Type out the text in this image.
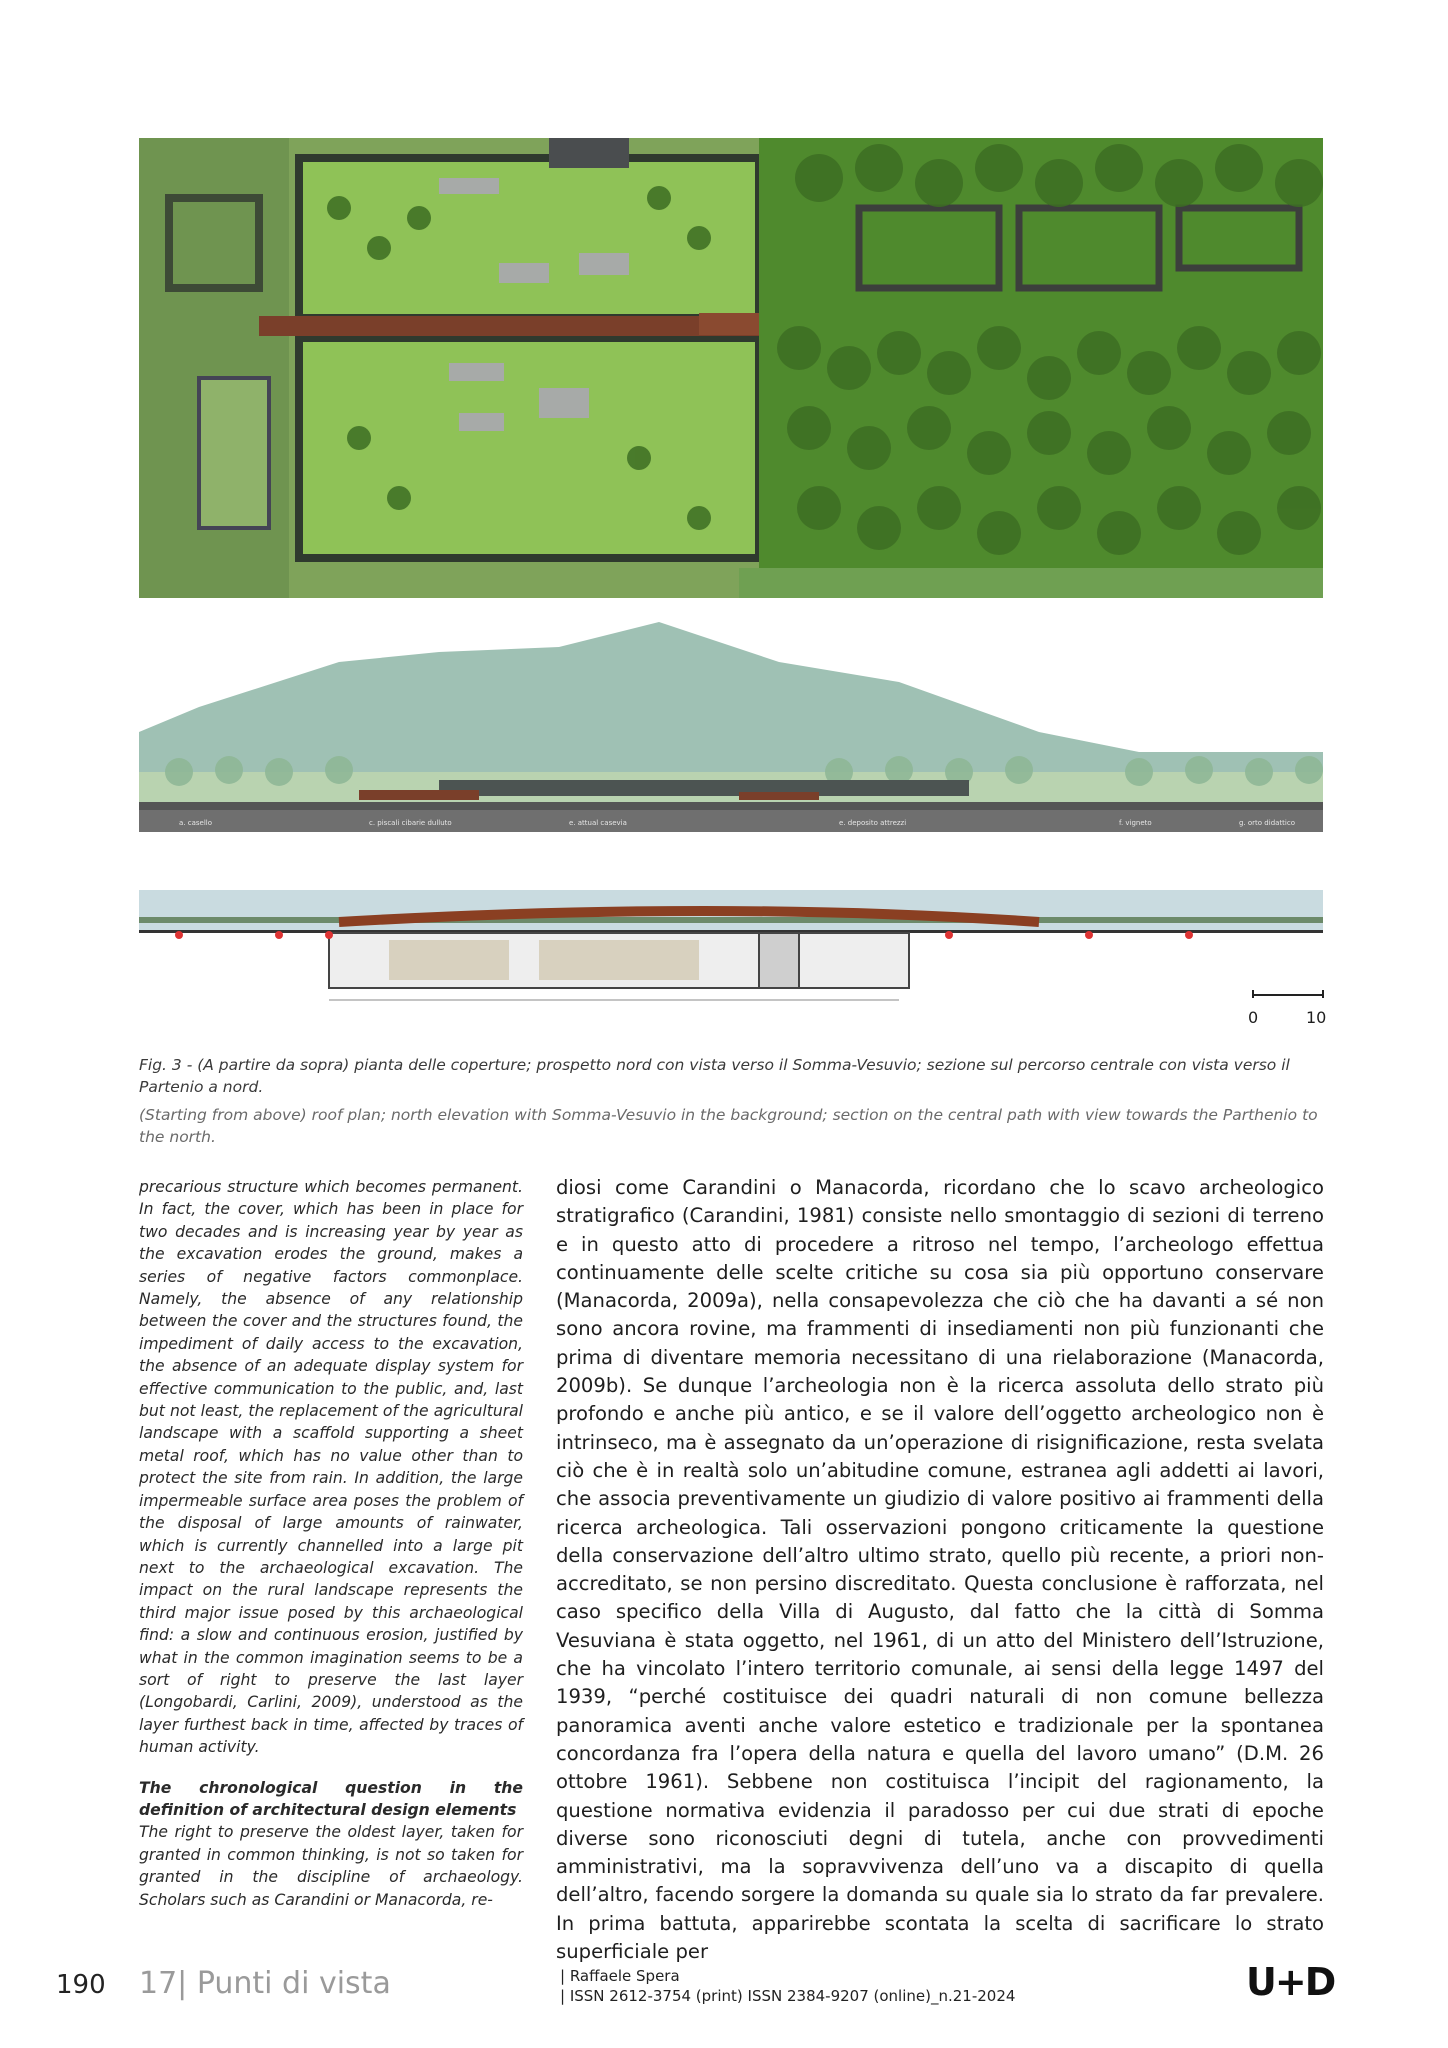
a. casello	c. piscali cibarie dulluto	e. attual casevia	e. deposito attrezzi	f. vigneto	g. orto didattico
0	10
Fig. 3 - (A partire da sopra) pianta delle coperture; prospetto nord con vista verso il Somma-Vesuvio; sezione sul percorso centrale con vista verso il Partenio a nord.
(Starting from above) roof plan; north elevation with Somma-Vesuvio in the background; section on the central path with view towards the Parthenio to the north.

precarious structure which becomes permanent. In fact, the cover, which has been in place for two decades and is increasing year by year as the excavation erodes the ground, makes a series of negative factors commonplace. Namely, the absence of any relationship between the cover and the structures found, the impediment of daily access to the excavation, the absence of an adequate display system for effective communication to the public, and, last but not least, the replacement of the agricultural landscape with a scaffold supporting a sheet metal roof, which has no value other than to protect the site from rain. In addition, the large impermeable surface area poses the problem of the disposal of large amounts of rainwater, which is currently channelled into a large pit next to the archaeological excavation. The impact on the rural landscape represents the third major issue posed by this archaeological find: a slow and continuous erosion, justified by what in the common imagination seems to be a sort of right to preserve the last layer (Longobardi, Carlini, 2009), understood as the layer furthest back in time, affected by traces of human activity.

The chronological question in the definition of architectural design elements

The right to preserve the oldest layer, taken for granted in common thinking, is not so taken for granted in the discipline of archaeology. Scholars such as Carandini or Manacorda, re-

diosi come Carandini o Manacorda, ricordano che lo scavo archeologico stratigrafico (Carandini, 1981) consiste nello smontaggio di sezioni di terreno e in questo atto di procedere a ritroso nel tempo, l’archeologo effettua continuamente delle scelte critiche su cosa sia più opportuno conservare (Manacorda, 2009a), nella consapevolezza che ciò che ha davanti a sé non sono ancora rovine, ma frammenti di insediamenti non più funzionanti che prima di diventare memoria necessitano di una rielaborazione (Manacorda, 2009b). Se dunque l’archeologia non è la ricerca assoluta dello strato più profondo e anche più antico, e se il valore dell’oggetto archeologico non è intrinseco, ma è assegnato da un’operazione di risignificazione, resta svelata ciò che è in realtà solo un’abitudine comune, estranea agli addetti ai lavori, che associa preventivamente un giudizio di valore positivo ai frammenti della ricerca archeologica. Tali osservazioni pongono criticamente la questione della conservazione dell’altro ultimo strato, quello più recente, a priori non-accreditato, se non persino discreditato. Questa conclusione è rafforzata, nel caso specifico della Villa di Augusto, dal fatto che la città di Somma Vesuviana è stata oggetto, nel 1961, di un atto del Ministero dell’Istruzione, che ha vincolato l’intero territorio comunale, ai sensi della legge 1497 del 1939, “perché costituisce dei quadri naturali di non comune bellezza panoramica aventi anche valore estetico e tradizionale per la spontanea concordanza fra l’opera della natura e quella del lavoro umano” (D.M. 26 ottobre 1961). Sebbene non costituisca l’incipit del ragionamento, la questione normativa evidenzia il paradosso per cui due strati di epoche diverse sono riconosciuti degni di tutela, anche con provvedimenti amministrativi, ma la sopravvivenza dell’uno va a discapito di quella dell’altro, facendo sorgere la domanda su quale sia lo strato da far prevalere. In prima battuta, apparirebbe scontata la scelta di sacrificare lo strato superficiale per

190 17| Punti di vista	| Raffaele Spera
| ISSN 2612-3754 (print) ISSN 2384-9207 (online)_n.21-2024	U+D
